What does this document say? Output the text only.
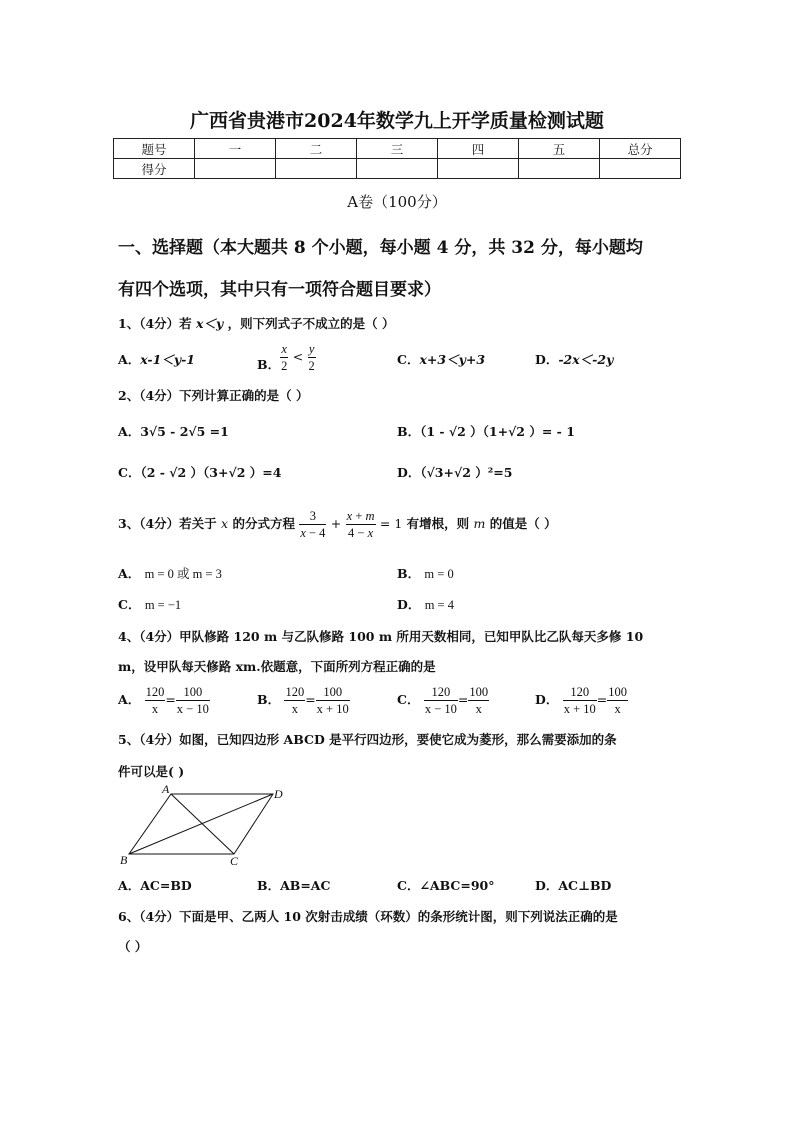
广西省贵港市2024年数学九上开学质量检测试题
题号	一	二	三	四	五	总分
得分						
A卷（100分）
一、选择题（本大题共 8 个小题，每小题 4 分，共 32 分，每小题均
有四个选项，其中只有一项符合题目要求）
1、（4分）若 x＜y ，则下列式子不成立的是（ ）
A．x-1＜y-1	B． $\frac{x}{2} < \frac{y}{2}$	C．x+3＜y+3	D．-2x＜-2y
2、（4分）下列计算正确的是（ ）
A．3√5 - 2√5 =1	B．（1 - √2 ）（1+√2 ）= - 1
C．（2 - √2 ）（3+√2 ）=4	D．（√3+√2 ）²=5
3、（4分）若关于 x 的分式方程 $\frac{3}{x - 4} + \frac{x + m}{4 - x} = 1$ 有增根，则 m 的值是（ ）
A． m = 0 或 m = 3	B． m = 0
C． m = −1	D． m = 4
4、（4分）甲队修路 120 m 与乙队修路 100 m 所用天数相同，已知甲队比乙队每天多修 10
m，设甲队每天修路 xm.依题意，下面所列方程正确的是
A． $\frac{120}{x} = \frac{100}{x - 10}$	B． $\frac{120}{x} = \frac{100}{x + 10}$	C． $\frac{120}{x - 10} = \frac{100}{x}$	D． $\frac{120}{x + 10} = \frac{100}{x}$
5、（4分）如图，已知四边形 ABCD 是平行四边形，要使它成为菱形，那么需要添加的条
件可以是( )
A	D
B	C
A．AC=BD	B．AB=AC	C．∠ABC=90°	D．AC⊥BD
6、（4分）下面是甲、乙两人 10 次射击成绩（环数）的条形统计图，则下列说法正确的是
（ ）
